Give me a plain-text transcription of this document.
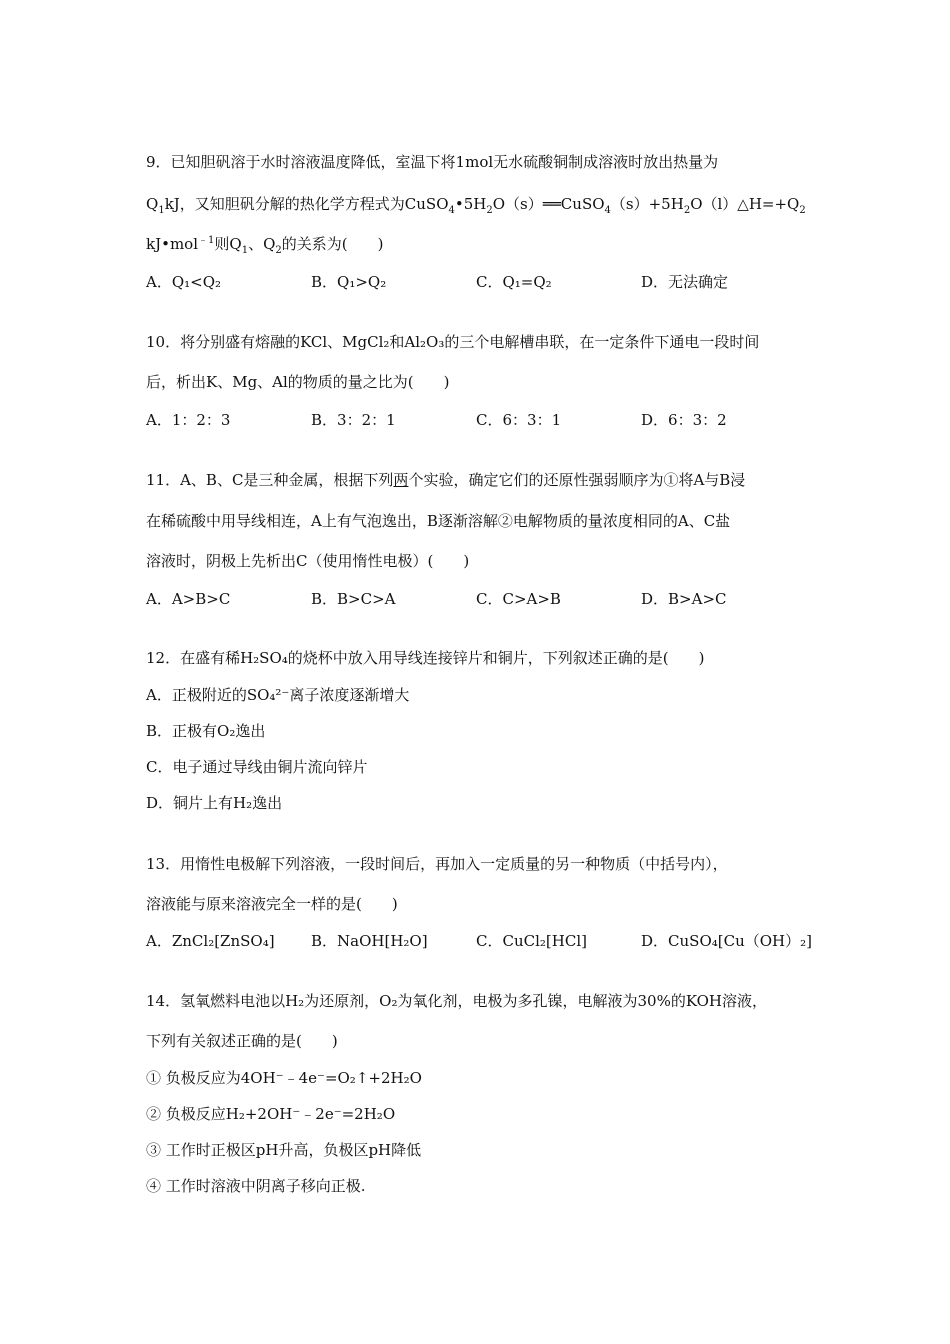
9．已知胆矾溶于水时溶液温度降低，室温下将1mol无水硫酸铜制成溶液时放出热量为
$Q_1kJ$，又知胆矾分解的热化学方程式为$CuSO_4•5H_2O(s)══CuSO_4(s)+5H_2O(l)\triangle H=+Q_2$
kJ•mol$^{﹣1}$则$Q_1$、$Q_2$的关系为(　　)
A．Q₁<Q₂	B．Q₁>Q₂	C．Q₁=Q₂	D．无法确定
10．将分别盛有熔融的KCl、MgCl₂和Al₂O₃的三个电解槽串联，在一定条件下通电一段时间
后，析出K、Mg、Al的物质的量之比为(　　)
A．1：2：3	B．3：2：1	C．6：3：1	D．6：3：2
11．A、B、C是三种金属，根据下列两个实验，确定它们的还原性强弱顺序为①将A与B浸
在稀硫酸中用导线相连，A上有气泡逸出，B逐渐溶解②电解物质的量浓度相同的A、C盐
溶液时，阴极上先析出C（使用惰性电极）(　　)
A．A>B>C	B．B>C>A	C．C>A>B	D．B>A>C
12．在盛有稀H₂SO₄的烧杯中放入用导线连接锌片和铜片，下列叙述正确的是(　　)
A．正极附近的SO₄²⁻离子浓度逐渐增大
B．正极有O₂逸出
C．电子通过导线由铜片流向锌片
D．铜片上有H₂逸出
13．用惰性电极解下列溶液，一段时间后，再加入一定质量的另一种物质（中括号内），
溶液能与原来溶液完全一样的是(　　)
A．ZnCl₂[ZnSO₄] B．NaOH[H₂O]	C．CuCl₂[HCl]	D．CuSO₄[Cu（OH）₂]
14．氢氧燃料电池以H₂为还原剂，O₂为氧化剂，电极为多孔镍，电解液为30%的KOH溶液，
下列有关叙述正确的是(　　)
① 负极反应为4OH⁻﹣4e⁻=O₂↑+2H₂O
② 负极反应H₂+2OH⁻﹣2e⁻=2H₂O
③ 工作时正极区pH升高，负极区pH降低
④ 工作时溶液中阴离子移向正极.
